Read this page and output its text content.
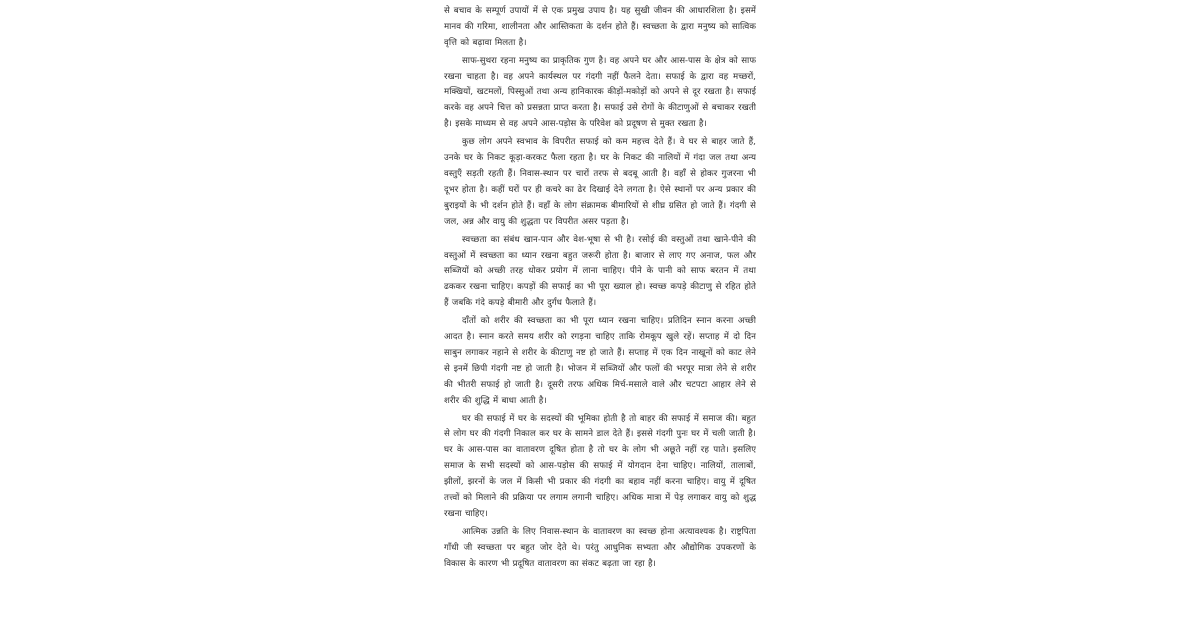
से बचाव के सम्पूर्ण उपायों में से एक प्रमुख उपाय है। यह सुखी जीवन की आधारशिला है। इसमें मानव की गरिमा, शालीनता और आस्तिकता के दर्शन होते हैं। स्वच्छता के द्वारा मनुष्य को सात्विक वृत्ति को बढ़ावा मिलता है।

साफ-सुथरा रहना मनुष्य का प्राकृतिक गुण है। वह अपने घर और आस-पास के क्षेत्र को साफ रखना चाहता है। वह अपने कार्यस्थल पर गंदगी नहीं फैलने देता। सफाई के द्वारा वह मच्छरों, मक्खियों, खटमलों, पिस्सुओं तथा अन्य हानिकारक कीड़ों-मकोड़ों को अपने से दूर रखता है। सफाई करके वह अपने चित्त को प्रसन्नता प्राप्त करता है। सफाई उसे रोगों के कीटाणुओं से बचाकर रखती है। इसके माध्यम से वह अपने आस-पड़ोस के परिवेश को प्रदूषण से मुक्त रखता है।

कुछ लोग अपने स्वभाव के विपरीत सफाई को कम महत्त्व देते हैं। वे घर से बाहर जाते हैं, उनके घर के निकट कूड़ा-करकट फैला रहता है। घर के निकट की नालियों में गंदा जल तथा अन्य वस्तुएँ सड़ती रहती हैं। निवास-स्थान पर चारों तरफ से बदबू आती है। वहाँ से होकर गुजरना भी दूभर होता है। कहीं घरों पर ही कचरे का ढेर दिखाई देने लगता है। ऐसे स्थानों पर अन्य प्रकार की बुराइयों के भी दर्शन होते हैं। वहाँ के लोग संक्रामक बीमारियों से शीघ्र ग्रसित हो जाते हैं। गंदगी से जल, अन्न और वायु की शुद्धता पर विपरीत असर पड़ता है।

स्वच्छता का संबंध खान-पान और वेश-भूषा से भी है। रसोई की वस्तुओं तथा खाने-पीने की वस्तुओं में स्वच्छता का ध्यान रखना बहुत जरूरी होता है। बाजार से लाए गए अनाज, फल और सब्जियों को अच्छी तरह धोकर प्रयोग में लाना चाहिए। पीने के पानी को साफ बरतन में तथा ढककर रखना चाहिए। कपड़ों की सफाई का भी पूरा ख्याल हो। स्वच्छ कपड़े कीटाणु से रहित होते हैं जबकि गंदे कपड़े बीमारी और दुर्गंध फैलाते हैं।

दाँतों को शरीर की स्वच्छता का भी पूरा ध्यान रखना चाहिए। प्रतिदिन स्नान करना अच्छी आदत है। स्नान करते समय शरीर को रगड़ना चाहिए ताकि रोमकूप खुले रहें। सप्ताह में दो दिन साबुन लगाकर नहाने से शरीर के कीटाणु नष्ट हो जाते हैं। सप्ताह में एक दिन नाखूनों को काट लेने से इनमें छिपी गंदगी नष्ट हो जाती है। भोजन में सब्जियों और फलों की भरपूर मात्रा लेने से शरीर की भीतरी सफाई हो जाती है। दूसरी तरफ अधिक मिर्च-मसाले वाले और चटपटा आहार लेने से शरीर की शुद्धि में बाधा आती है।

घर की सफाई में घर के सदस्यों की भूमिका होती है तो बाहर की सफाई में समाज की। बहुत से लोग घर की गंदगी निकाल कर घर के सामने डाल देते हैं। इससे गंदगी पुनः घर में चली जाती है। घर के आस-पास का वातावरण दूषित होता है तो घर के लोग भी अछूते नहीं रह पाते। इसलिए समाज के सभी सदस्यों को आस-पड़ोस की सफाई में योगदान देना चाहिए। नालियों, तालाबों, झीलों, झरनों के जल में किसी भी प्रकार की गंदगी का बहाव नहीं करना चाहिए। वायु में दूषित तत्त्वों को मिलाने की प्रक्रिया पर लगाम लगानी चाहिए। अधिक मात्रा में पेड़ लगाकर वायु को शुद्ध रखना चाहिए।

आत्मिक उन्नति के लिए निवास-स्थान के वातावरण का स्वच्छ होना अत्यावश्यक है। राष्ट्रपिता गाँधी जी स्वच्छता पर बहुत जोर देते थे। परंतु आधुनिक सभ्यता और औद्योगिक उपकरणों के विकास के कारण भी प्रदूषित वातावरण का संकट बढ़ता जा रहा है।
